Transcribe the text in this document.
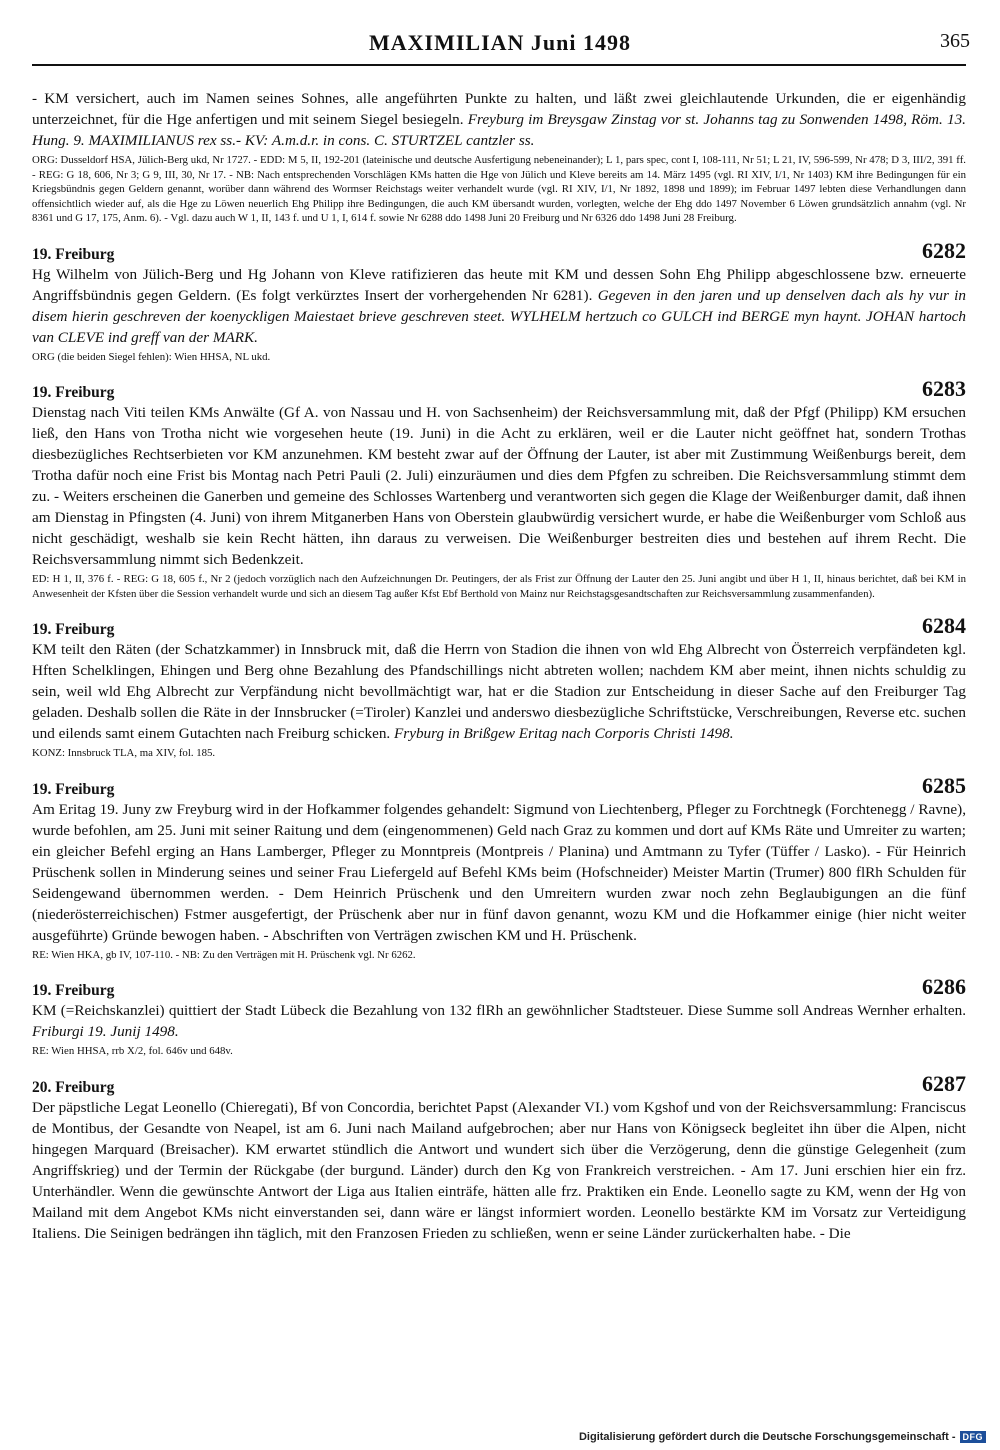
MAXIMILIAN Juni 1498	365

- KM versichert, auch im Namen seines Sohnes, alle angeführten Punkte zu halten, und läßt zwei gleichlautende Urkunden, die er eigenhändig unterzeichnet, für die Hge anfertigen und mit seinem Siegel besiegeln. Freyburg im Breysgaw Zinstag vor st. Johanns tag zu Sonwenden 1498, Röm. 13. Hung. 9. MAXIMILIANUS rex ss.- KV: A.m.d.r. in cons. C. STURTZEL cantzler ss.

ORG: Dusseldorf HSA, Jülich-Berg ukd, Nr 1727. - EDD: M 5, II, 192-201 (lateinische und deutsche Ausfertigung nebeneinander); L 1, pars spec, cont I, 108-111, Nr 51; L 21, IV, 596-599, Nr 478; D 3, III/2, 391 ff. - REG: G 18, 606, Nr 3; G 9, III, 30, Nr 17. - NB: Nach entsprechenden Vorschlägen KMs hatten die Hge von Jülich und Kleve bereits am 14. März 1495 (vgl. RI XIV, I/1, Nr 1403) KM ihre Bedingungen für ein Kriegsbündnis gegen Geldern genannt, worüber dann während des Wormser Reichstags weiter verhandelt wurde (vgl. RI XIV, I/1, Nr 1892, 1898 und 1899); im Februar 1497 lebten diese Verhandlungen dann offensichtlich wieder auf, als die Hge zu Löwen neuerlich Ehg Philipp ihre Bedingungen, die auch KM übersandt wurden, vorlegten, welche der Ehg ddo 1497 November 6 Löwen grundsätzlich annahm (vgl. Nr 8361 und G 17, 175, Anm. 6). - Vgl. dazu auch W 1, II, 143 f. und U 1, I, 614 f. sowie Nr 6288 ddo 1498 Juni 20 Freiburg und Nr 6326 ddo 1498 Juni 28 Freiburg.

19. Freiburg	6282

Hg Wilhelm von Jülich-Berg und Hg Johann von Kleve ratifizieren das heute mit KM und dessen Sohn Ehg Philipp abgeschlossene bzw. erneuerte Angriffsbündnis gegen Geldern. (Es folgt verkürztes Insert der vorhergehenden Nr 6281). Gegeven in den jaren und up denselven dach als hy vur in disem hierin geschreven der koenyckligen Maiestaet brieve geschreven steet. WYLHELM hertzuch co GULCH ind BERGE myn haynt. JOHAN hartoch van CLEVE ind greff van der MARK.

ORG (die beiden Siegel fehlen): Wien HHSA, NL ukd.

19. Freiburg	6283

Dienstag nach Viti teilen KMs Anwälte (Gf A. von Nassau und H. von Sachsenheim) der Reichsversammlung mit, daß der Pfgf (Philipp) KM ersuchen ließ, den Hans von Trotha nicht wie vorgesehen heute (19. Juni) in die Acht zu erklären, weil er die Lauter nicht geöffnet hat, sondern Trothas diesbezügliches Rechtserbieten vor KM anzunehmen. KM besteht zwar auf der Öffnung der Lauter, ist aber mit Zustimmung Weißenburgs bereit, dem Trotha dafür noch eine Frist bis Montag nach Petri Pauli (2. Juli) einzuräumen und dies dem Pfgfen zu schreiben. Die Reichsversammlung stimmt dem zu. - Weiters erscheinen die Ganerben und gemeine des Schlosses Wartenberg und verantworten sich gegen die Klage der Weißenburger damit, daß ihnen am Dienstag in Pfingsten (4. Juni) von ihrem Mitganerben Hans von Oberstein glaubwürdig versichert wurde, er habe die Weißenburger vom Schloß aus nicht geschädigt, weshalb sie kein Recht hätten, ihn daraus zu verweisen. Die Weißenburger bestreiten dies und bestehen auf ihrem Recht. Die Reichsversammlung nimmt sich Bedenkzeit.

ED: H 1, II, 376 f. - REG: G 18, 605 f., Nr 2 (jedoch vorzüglich nach den Aufzeichnungen Dr. Peutingers, der als Frist zur Öffnung der Lauter den 25. Juni angibt und über H 1, II, hinaus berichtet, daß bei KM in Anwesenheit der Kfsten über die Session verhandelt wurde und sich an diesem Tag außer Kfst Ebf Berthold von Mainz nur Reichstagsgesandtschaften zur Reichsversammlung zusammenfanden).

19. Freiburg	6284

KM teilt den Räten (der Schatzkammer) in Innsbruck mit, daß die Herrn von Stadion die ihnen von wld Ehg Albrecht von Österreich verpfändeten kgl. Hften Schelklingen, Ehingen und Berg ohne Bezahlung des Pfandschillings nicht abtreten wollen; nachdem KM aber meint, ihnen nichts schuldig zu sein, weil wld Ehg Albrecht zur Verpfändung nicht bevollmächtigt war, hat er die Stadion zur Entscheidung in dieser Sache auf den Freiburger Tag geladen. Deshalb sollen die Räte in der Innsbrucker (=Tiroler) Kanzlei und anderswo diesbezügliche Schriftstücke, Verschreibungen, Reverse etc. suchen und eilends samt einem Gutachten nach Freiburg schicken. Fryburg in Brißgew Eritag nach Corporis Christi 1498.

KONZ: Innsbruck TLA, ma XIV, fol. 185.

19. Freiburg	6285

Am Eritag 19. Juny zw Freyburg wird in der Hofkammer folgendes gehandelt: Sigmund von Liechtenberg, Pfleger zu Forchtnegk (Forchtenegg / Ravne), wurde befohlen, am 25. Juni mit seiner Raitung und dem (eingenommenen) Geld nach Graz zu kommen und dort auf KMs Räte und Umreiter zu warten; ein gleicher Befehl erging an Hans Lamberger, Pfleger zu Monntpreis (Montpreis / Planina) und Amtmann zu Tyfer (Tüffer / Lasko). - Für Heinrich Prüschenk sollen in Minderung seines und seiner Frau Liefergeld auf Befehl KMs beim (Hofschneider) Meister Martin (Trumer) 800 flRh Schulden für Seidengewand übernommen werden. - Dem Heinrich Prüschenk und den Umreitern wurden zwar noch zehn Beglaubigungen an die fünf (niederösterreichischen) Fstmer ausgefertigt, der Prüschenk aber nur in fünf davon genannt, wozu KM und die Hofkammer einige (hier nicht weiter ausgeführte) Gründe bewogen haben. - Abschriften von Verträgen zwischen KM und H. Prüschenk.

RE: Wien HKA, gb IV, 107-110. - NB: Zu den Verträgen mit H. Prüschenk vgl. Nr 6262.

19. Freiburg	6286

KM (=Reichskanzlei) quittiert der Stadt Lübeck die Bezahlung von 132 flRh an gewöhnlicher Stadtsteuer. Diese Summe soll Andreas Wernher erhalten. Friburgi 19. Junij 1498.

RE: Wien HHSA, rrb X/2, fol. 646v und 648v.

20. Freiburg	6287

Der päpstliche Legat Leonello (Chieregati), Bf von Concordia, berichtet Papst (Alexander VI.) vom Kgshof und von der Reichsversammlung: Franciscus de Montibus, der Gesandte von Neapel, ist am 6. Juni nach Mailand aufgebrochen; aber nur Hans von Königseck begleitet ihn über die Alpen, nicht hingegen Marquard (Breisacher). KM erwartet stündlich die Antwort und wundert sich über die Verzögerung, denn die günstige Gelegenheit (zum Angriffskrieg) und der Termin der Rückgabe (der burgund. Länder) durch den Kg von Frankreich verstreichen. - Am 17. Juni erschien hier ein frz. Unterhändler. Wenn die gewünschte Antwort der Liga aus Italien einträfe, hätten alle frz. Praktiken ein Ende. Leonello sagte zu KM, wenn der Hg von Mailand mit dem Angebot KMs nicht einverstanden sei, dann wäre er längst informiert worden. Leonello bestärkte KM im Vorsatz zur Verteidigung Italiens. Die Seinigen bedrängen ihn täglich, mit den Franzosen Frieden zu schließen, wenn er seine Länder zurückerhalten habe. - Die

Digitalisierung gefördert durch die Deutsche Forschungsgemeinschaft - DFG
